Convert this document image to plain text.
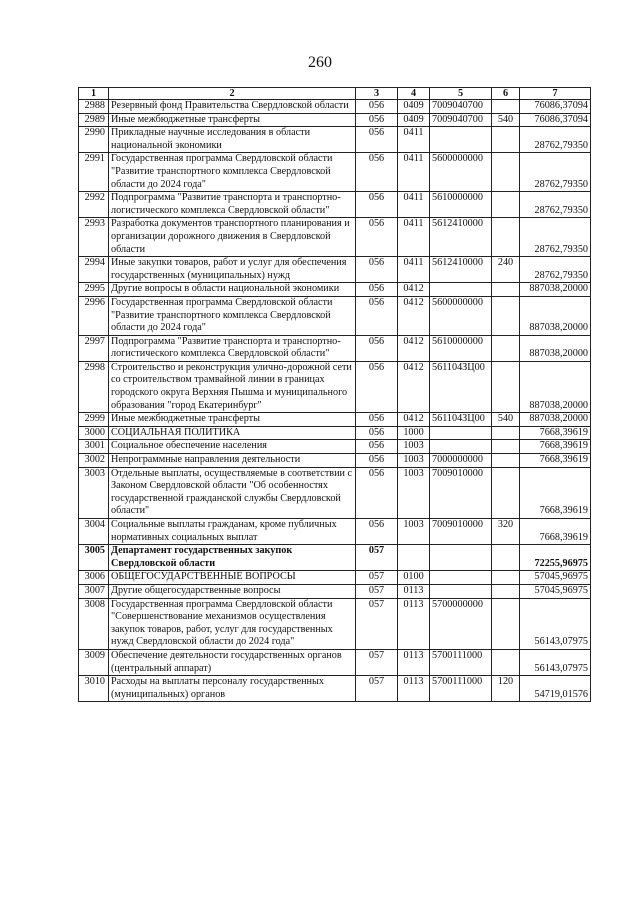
260
1	2	3	4	5	6	7
2988	Резервный фонд Правительства Свердловской области	056	0409	7009040700		76086,37094
2989	Иные межбюджетные трансферты	056	0409	7009040700	540	76086,37094
2990	Прикладные научные исследования в области национальной экономики	056	0411			28762,79350
2991	Государственная программа Свердловской области "Развитие транспортного комплекса Свердловской области до 2024 года"	056	0411	5600000000		28762,79350
2992	Подпрограмма "Развитие транспорта и транспортно-логистического комплекса Свердловской области"	056	0411	5610000000		28762,79350
2993	Разработка документов транспортного планирования и организации дорожного движения в Свердловской области	056	0411	5612410000		28762,79350
2994	Иные закупки товаров, работ и услуг для обеспечения государственных (муниципальных) нужд	056	0411	5612410000	240	28762,79350
2995	Другие вопросы в области национальной экономики	056	0412			887038,20000
2996	Государственная программа Свердловской области "Развитие транспортного комплекса Свердловской области до 2024 года"	056	0412	5600000000		887038,20000
2997	Подпрограмма "Развитие транспорта и транспортно-логистического комплекса Свердловской области"	056	0412	5610000000		887038,20000
2998	Строительство и реконструкция улично-дорожной сети со строительством трамвайной линии в границах городского округа Верхняя Пышма и муниципального образования "город Екатеринбург"	056	0412	561104ЗЦ00		887038,20000
2999	Иные межбюджетные трансферты	056	0412	561104ЗЦ00	540	887038,20000
3000	СОЦИАЛЬНАЯ ПОЛИТИКА	056	1000			7668,39619
3001	Социальное обеспечение населения	056	1003			7668,39619
3002	Непрограммные направления деятельности	056	1003	7000000000		7668,39619
3003	Отдельные выплаты, осуществляемые в соответствии с Законом Свердловской области "Об особенностях государственной гражданской службы Свердловской области"	056	1003	7009010000		7668,39619
3004	Социальные выплаты гражданам, кроме публичных нормативных социальных выплат	056	1003	7009010000	320	7668,39619
3005	Департамент государственных закупок Свердловской области	057				72255,96975
3006	ОБЩЕГОСУДАРСТВЕННЫЕ ВОПРОСЫ	057	0100			57045,96975
3007	Другие общегосударственные вопросы	057	0113			57045,96975
3008	Государственная программа Свердловской области "Совершенствование механизмов осуществления закупок товаров, работ, услуг для государственных нужд Свердловской области до 2024 года"	057	0113	5700000000		56143,07975
3009	Обеспечение деятельности государственных органов (центральный аппарат)	057	0113	5700111000		56143,07975
3010	Расходы на выплаты персоналу государственных (муниципальных) органов	057	0113	5700111000	120	54719,01576
